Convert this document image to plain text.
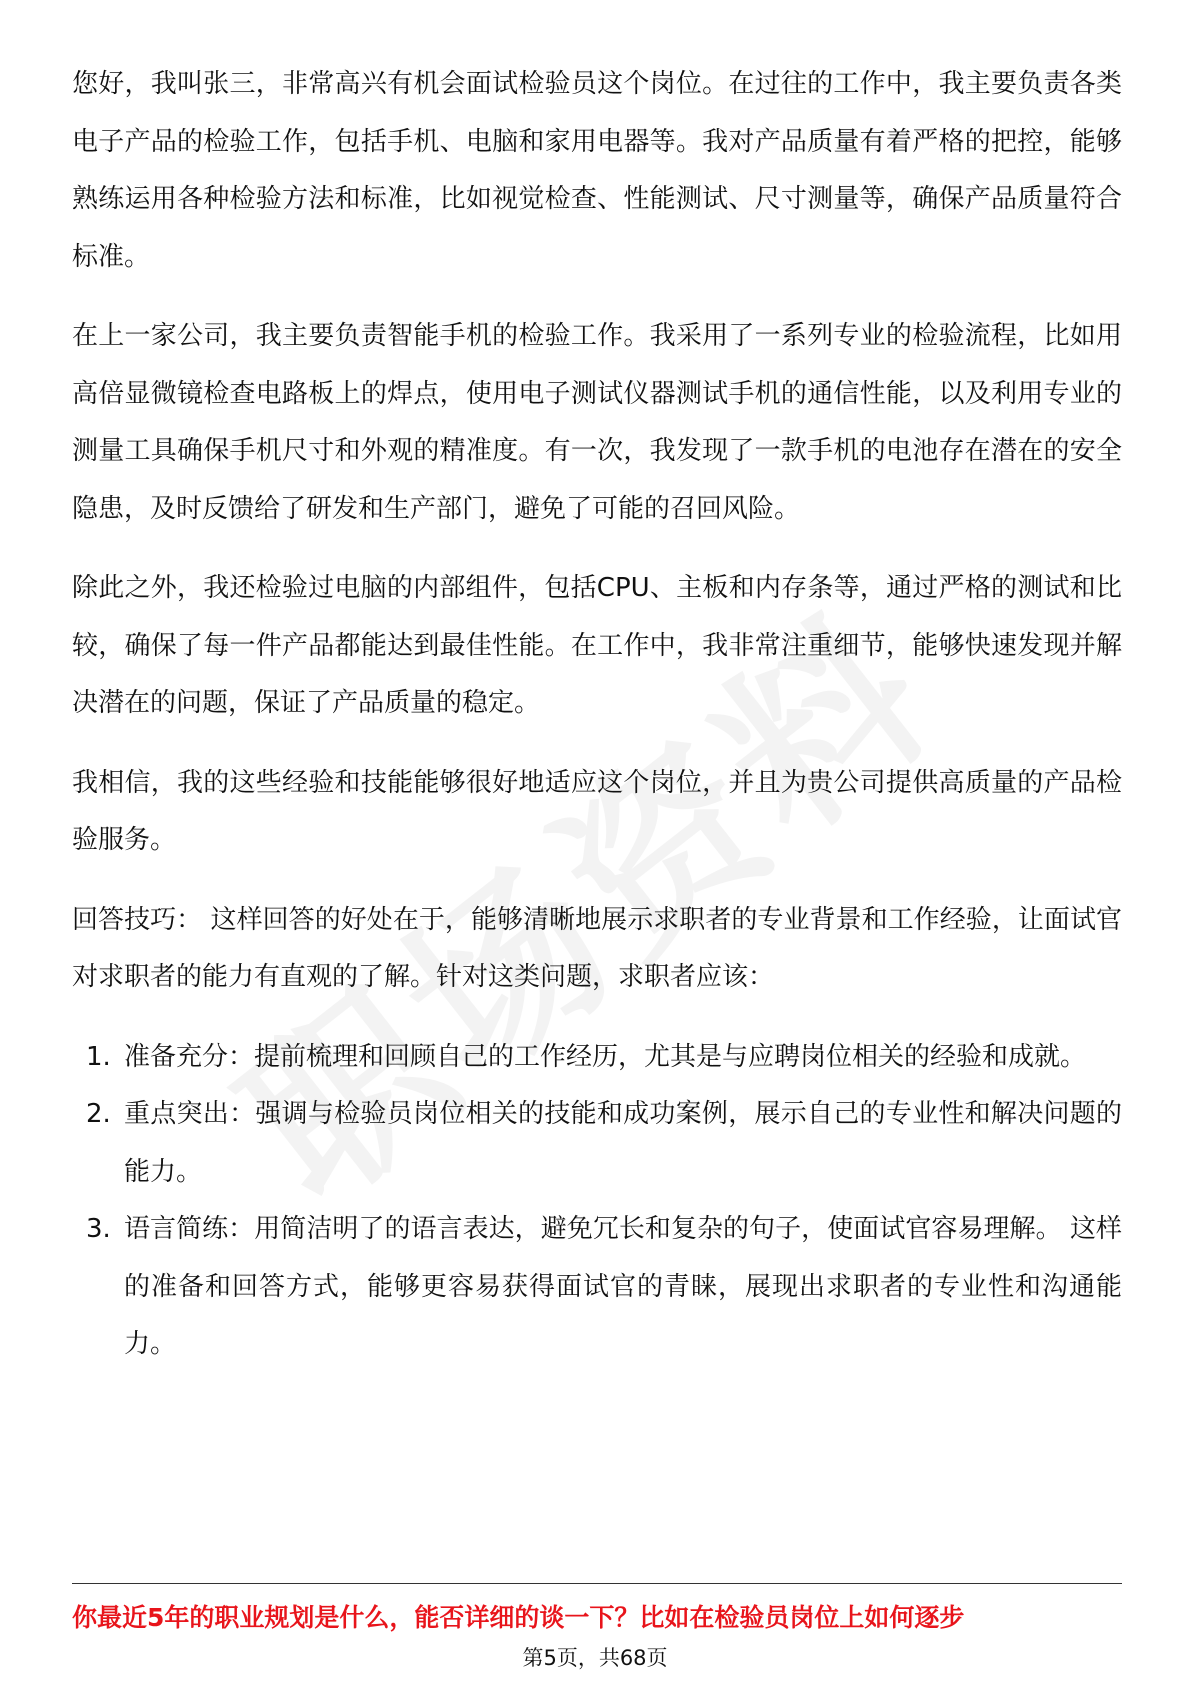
您好，我叫张三，非常高兴有机会面试检验员这个岗位。在过往的工作中，我主要负责各类电子产品的检验工作，包括手机、电脑和家用电器等。我对产品质量有着严格的把控，能够熟练运用各种检验方法和标准，比如视觉检查、性能测试、尺寸测量等，确保产品质量符合标准。

在上一家公司，我主要负责智能手机的检验工作。我采用了一系列专业的检验流程，比如用高倍显微镜检查电路板上的焊点，使用电子测试仪器测试手机的通信性能，以及利用专业的测量工具确保手机尺寸和外观的精准度。有一次，我发现了一款手机的电池存在潜在的安全隐患，及时反馈给了研发和生产部门，避免了可能的召回风险。

除此之外，我还检验过电脑的内部组件，包括CPU、主板和内存条等，通过严格的测试和比较，确保了每一件产品都能达到最佳性能。在工作中，我非常注重细节，能够快速发现并解决潜在的问题，保证了产品质量的稳定。

我相信，我的这些经验和技能能够很好地适应这个岗位，并且为贵公司提供高质量的产品检验服务。

回答技巧： 这样回答的好处在于，能够清晰地展示求职者的专业背景和工作经验，让面试官对求职者的能力有直观的了解。针对这类问题，求职者应该：

1. 准备充分：提前梳理和回顾自己的工作经历，尤其是与应聘岗位相关的经验和成就。
2. 重点突出：强调与检验员岗位相关的技能和成功案例，展示自己的专业性和解决问题的能力。
3. 语言简练：用简洁明了的语言表达，避免冗长和复杂的句子，使面试官容易理解。 这样的准备和回答方式，能够更容易获得面试官的青睐，展现出求职者的专业性和沟通能力。
你最近5年的职业规划是什么，能否详细的谈一下？比如在检验员岗位上如何逐步
第5页，共68页
